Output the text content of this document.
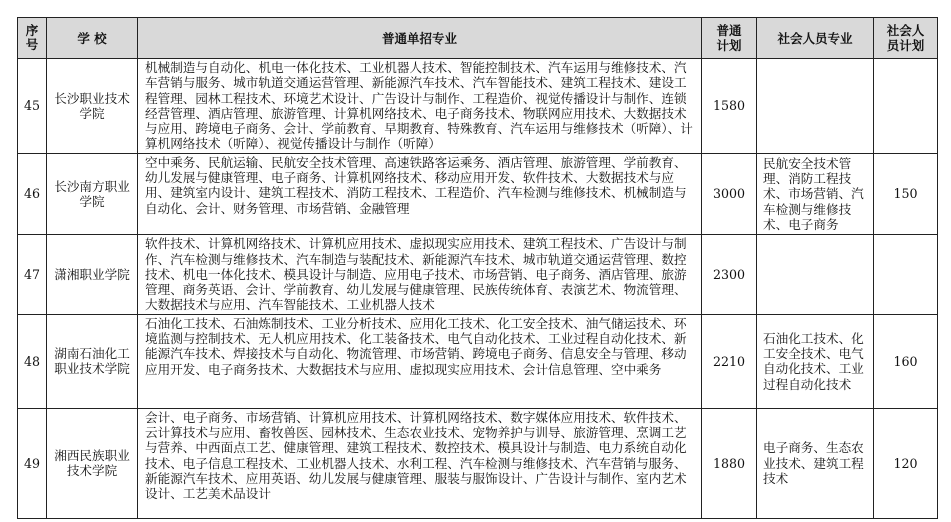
序号	学 校	普通单招专业	普通计划	社会人员专业	社会人员计划

45	长沙职业技术学院	机械制造与自动化、机电一体化技术、工业机器人技术、智能控制技术、汽车运用与维修技术、汽车营销与服务、城市轨道交通运营管理、新能源汽车技术、汽车智能技术、建筑工程技术、建设工程管理、园林工程技术、环境艺术设计、广告设计与制作、工程造价、视觉传播设计与制作、连锁经营管理、酒店管理、旅游管理、计算机网络技术、电子商务技术、物联网应用技术、大数据技术与应用、跨境电子商务、会计、学前教育、早期教育、特殊教育、汽车运用与维修技术（听障）、计算机网络技术（听障）、视觉传播设计与制作（听障）	1580		
46	长沙南方职业学院	空中乘务、民航运输、民航安全技术管理、高速铁路客运乘务、酒店管理、旅游管理、学前教育、幼儿发展与健康管理、电子商务、计算机网络技术、移动应用开发、软件技术、大数据技术与应用、建筑室内设计、建筑工程技术、消防工程技术、工程造价、汽车检测与维修技术、机械制造与自动化、会计、财务管理、市场营销、金融管理	3000	民航安全技术管理、消防工程技术、市场营销、汽车检测与维修技术、电子商务	150
47	潇湘职业学院	软件技术、计算机网络技术、计算机应用技术、虚拟现实应用技术、建筑工程技术、广告设计与制作、汽车检测与维修技术、汽车制造与装配技术、新能源汽车技术、城市轨道交通运营管理、数控技术、机电一体化技术、模具设计与制造、应用电子技术、市场营销、电子商务、酒店管理、旅游管理、商务英语、会计、学前教育、幼儿发展与健康管理、民族传统体育、表演艺术、物流管理、大数据技术与应用、汽车智能技术、工业机器人技术	2300		
48	湖南石油化工职业技术学院	石油化工技术、石油炼制技术、工业分析技术、应用化工技术、化工安全技术、油气储运技术、环境监测与控制技术、无人机应用技术、化工装备技术、电气自动化技术、工业过程自动化技术、新能源汽车技术、焊接技术与自动化、物流管理、市场营销、跨境电子商务、信息安全与管理、移动应用开发、电子商务技术、大数据技术与应用、虚拟现实应用技术、会计信息管理、空中乘务	2210	石油化工技术、化工安全技术、电气自动化技术、工业过程自动化技术	160
49	湘西民族职业技术学院	会计、电子商务、市场营销、计算机应用技术、计算机网络技术、数字媒体应用技术、软件技术、云计算技术与应用、畜牧兽医、园林技术、生态农业技术、宠物养护与训导、旅游管理、烹调工艺与营养、中西面点工艺、健康管理、建筑工程技术、数控技术、模具设计与制造、电力系统自动化技术、电子信息工程技术、工业机器人技术、水利工程、汽车检测与维修技术、汽车营销与服务、新能源汽车技术、应用英语、幼儿发展与健康管理、服装与服饰设计、广告设计与制作、室内艺术设计、工艺美术品设计	1880	电子商务、生态农业技术、建筑工程技术	120
